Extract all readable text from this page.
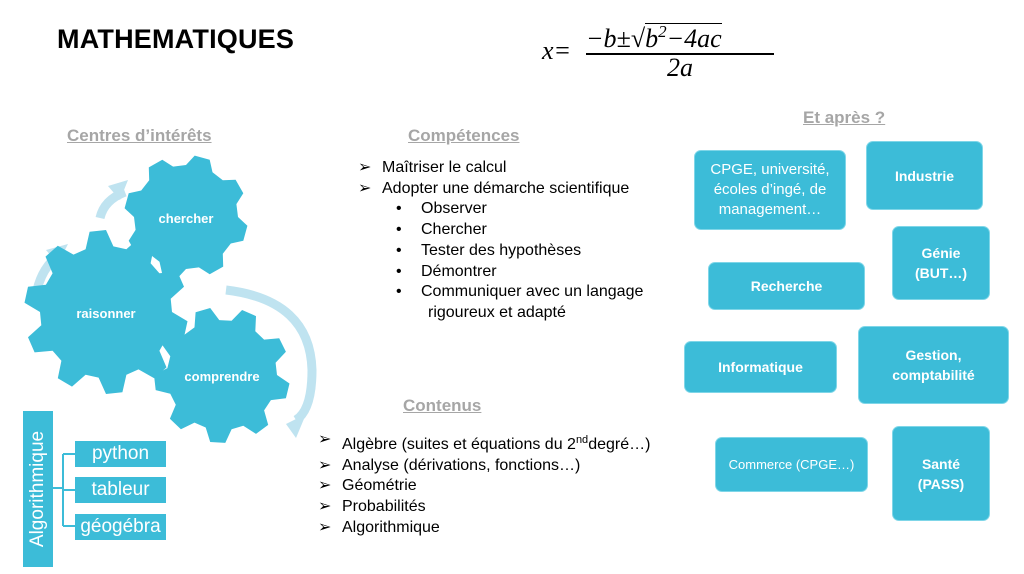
MATHEMATIQUES	$x= -b\pm√b^2-4ac$
2a
Centres d’intérêts
chercher
raisonner
comprendre
Algorithmique	python
tableur
géogébra
Compétences
➢ Maîtriser le calcul
➢ Adopter une démarche scientifique
• Observer
• Chercher
• Tester des hypothèses
• Démontrer
• Communiquer avec un langage
rigoureux et adapté
Contenus
➢ Algèbre (suites et équations du 2nddegré…)
➢ Analyse (dérivations, fonctions…)
➢ Géométrie
➢ Probabilités
➢ Algorithmique
Et après ?
CPGE, université, écoles d’ingé, de management…
Industrie
Génie (BUT…)
Recherche
Informatique
Gestion, comptabilité
Commerce (CPGE…)	Santé (PASS)
